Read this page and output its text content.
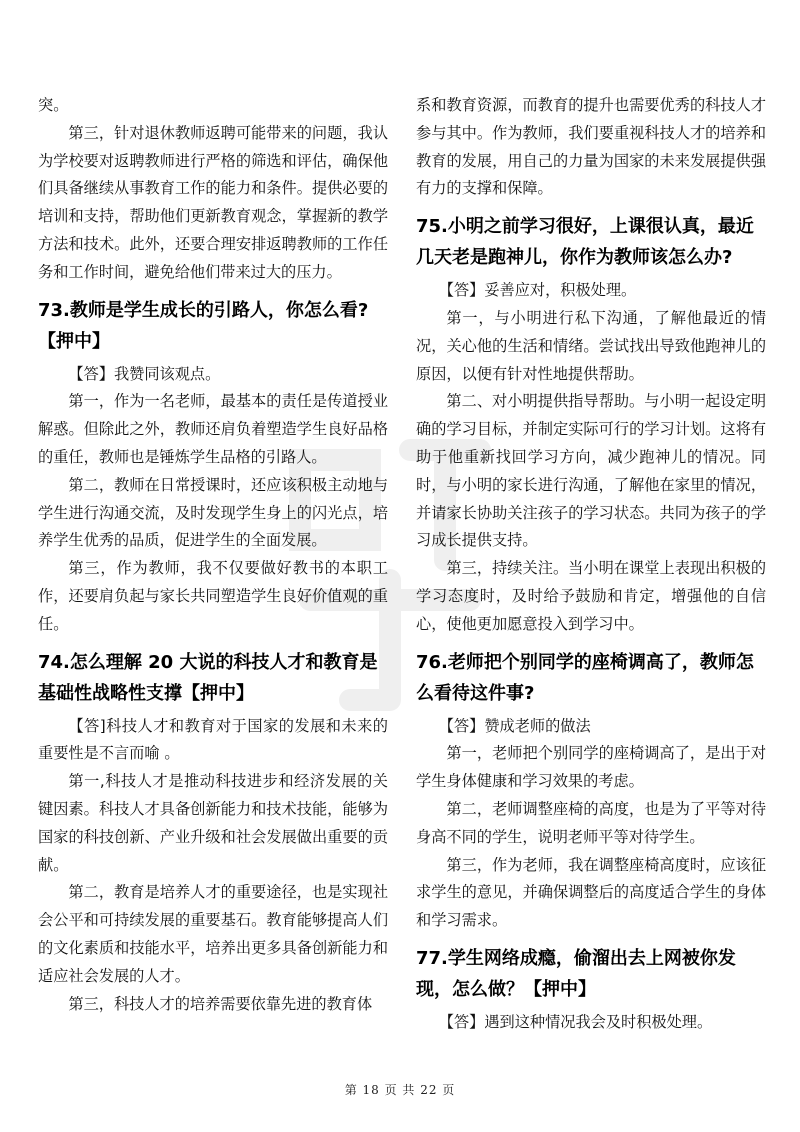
突。

第三，针对退休教师返聘可能带来的问题，我认为学校要对返聘教师进行严格的筛选和评估，确保他们具备继续从事教育工作的能力和条件。提供必要的培训和支持，帮助他们更新教育观念，掌握新的教学方法和技术。此外，还要合理安排返聘教师的工作任务和工作时间，避免给他们带来过大的压力。

73.教师是学生成长的引路人，你怎么看?【押中】

【答】我赞同该观点。

第一，作为一名老师，最基本的责任是传道授业解惑。但除此之外，教师还肩负着塑造学生良好品格的重任，教师也是锤炼学生品格的引路人。

第二，教师在日常授课时，还应该积极主动地与学生进行沟通交流，及时发现学生身上的闪光点，培养学生优秀的品质，促进学生的全面发展。

第三，作为教师，我不仅要做好教书的本职工作，还要肩负起与家长共同塑造学生良好价值观的重任。

74.怎么理解 20 大说的科技人才和教育是基础性战略性支撑【押中】

【答]科技人才和教育对于国家的发展和未来的重要性是不言而喻 。

第一,科技人才是推动科技进步和经济发展的关键因素。科技人才具备创新能力和技术技能，能够为国家的科技创新、产业升级和社会发展做出重要的贡献。

第二，教育是培养人才的重要途径，也是实现社会公平和可持续发展的重要基石。教育能够提高人们的文化素质和技能水平，培养出更多具备创新能力和适应社会发展的人才。

第三，科技人才的培养需要依靠先进的教育体

系和教育资源，而教育的提升也需要优秀的科技人才参与其中。作为教师，我们要重视科技人才的培养和教育的发展，用自己的力量为国家的未来发展提供强有力的支撑和保障。

75.小明之前学习很好，上课很认真，最近几天老是跑神儿，你作为教师该怎么办?

【答】妥善应对，积极处理。

第一，与小明进行私下沟通，了解他最近的情况，关心他的生活和情绪。尝试找出导致他跑神儿的原因，以便有针对性地提供帮助。

第二、对小明提供指导帮助。与小明一起设定明确的学习目标，并制定实际可行的学习计划。这将有助于他重新找回学习方向，减少跑神儿的情况。同时，与小明的家长进行沟通，了解他在家里的情况，并请家长协助关注孩子的学习状态。共同为孩子的学习成长提供支持。

第三，持续关注。当小明在课堂上表现出积极的学习态度时，及时给予鼓励和肯定，增强他的自信心，使他更加愿意投入到学习中。

76.老师把个别同学的座椅调高了，教师怎么看待这件事?

【答】赞成老师的做法

第一，老师把个别同学的座椅调高了，是出于对学生身体健康和学习效果的考虑。

第二，老师调整座椅的高度，也是为了平等对待身高不同的学生，说明老师平等对待学生。

第三，作为老师，我在调整座椅高度时，应该征求学生的意见，并确保调整后的高度适合学生的身体和学习需求。

77.学生网络成瘾，偷溜出去上网被你发现，怎么做？【押中】

【答】遇到这种情况我会及时积极处理。

第 18 页 共 22 页
